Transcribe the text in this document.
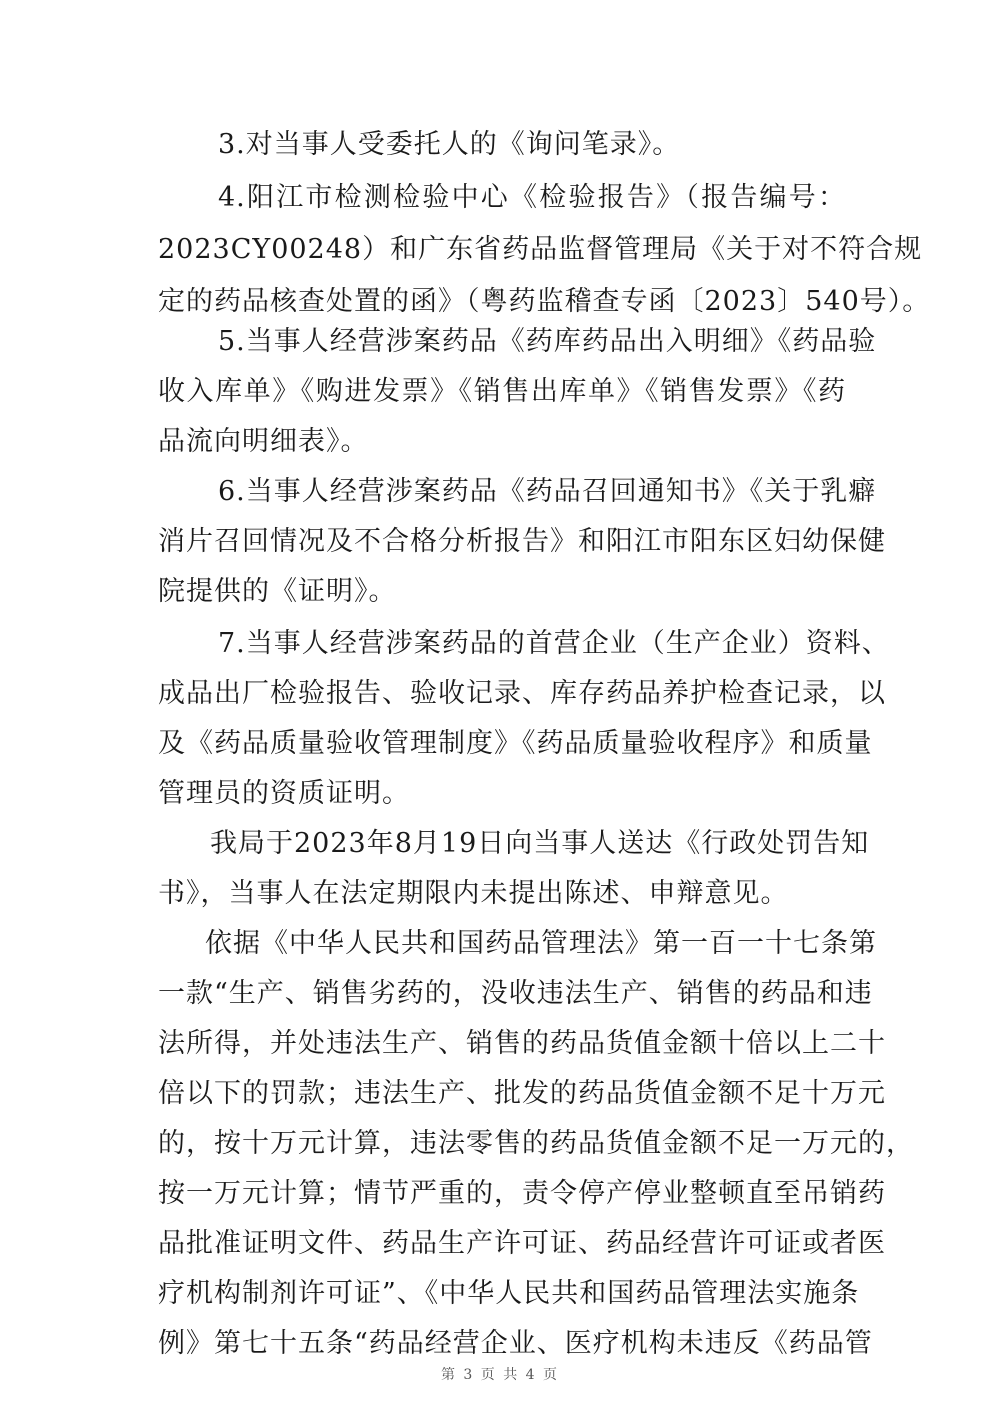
3.对当事人受委托人的《询问笔录》。
4.阳江市检测检验中心《检验报告》（报告编号：
2023CY00248）和广东省药品监督管理局《关于对不符合规
定的药品核查处置的函》（粤药监稽查专函〔2023〕540号）。
5.当事人经营涉案药品《药库药品出入明细》《药品验
收入库单》《购进发票》《销售出库单》《销售发票》《药
品流向明细表》。
6.当事人经营涉案药品《药品召回通知书》《关于乳癖
消片召回情况及不合格分析报告》和阳江市阳东区妇幼保健
院提供的《证明》。
7.当事人经营涉案药品的首营企业（生产企业）资料、
成品出厂检验报告、验收记录、库存药品养护检查记录，以
及《药品质量验收管理制度》《药品质量验收程序》和质量
管理员的资质证明。
我局于2023年8月19日向当事人送达《行政处罚告知
书》，当事人在法定期限内未提出陈述、申辩意见。
依据《中华人民共和国药品管理法》第一百一十七条第
一款“生产、销售劣药的，没收违法生产、销售的药品和违
法所得，并处违法生产、销售的药品货值金额十倍以上二十
倍以下的罚款；违法生产、批发的药品货值金额不足十万元
的，按十万元计算，违法零售的药品货值金额不足一万元的，
按一万元计算；情节严重的，责令停产停业整顿直至吊销药
品批准证明文件、药品生产许可证、药品经营许可证或者医
疗机构制剂许可证”、《中华人民共和国药品管理法实施条
例》第七十五条“药品经营企业、医疗机构未违反《药品管
第 3 页 共 4 页
